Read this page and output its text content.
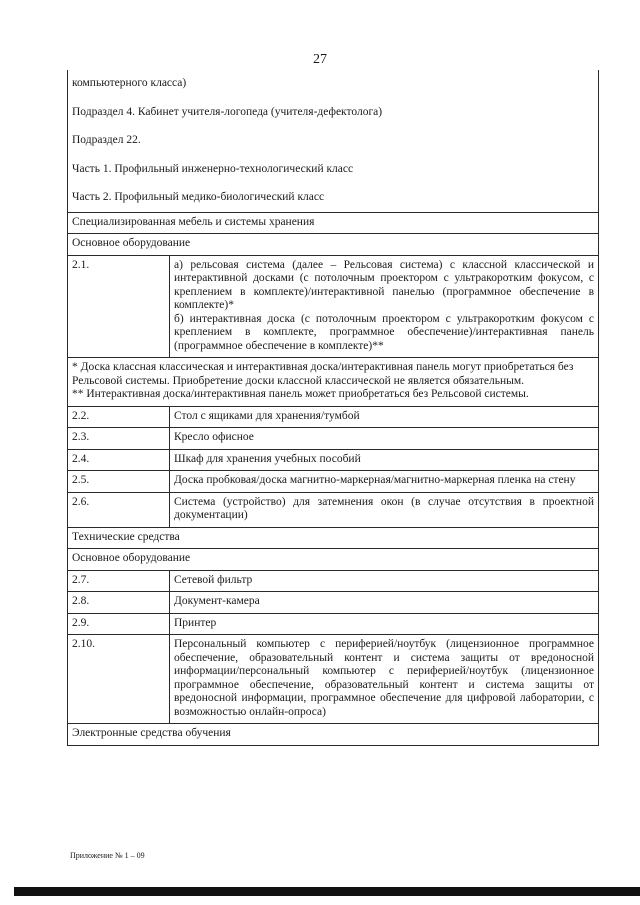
27
компьютерного класса)	
Подраздел 4. Кабинет учителя-логопеда (учителя-дефектолога)	
Подраздел 22.	
Часть 1. Профильный инженерно-технологический класс	
Часть 2. Профильный медико-биологический класс	
Специализированная мебель и системы хранения	
Основное оборудование	
2.1.	а) рельсовая система (далее – Рельсовая система) с классной классической и интерактивной досками (с потолочным проектором с ультракоротким фокусом, с креплением в комплекте)/интерактивной панелью (программное обеспечение в комплекте)*
б) интерактивная доска (с потолочным проектором с ультракоротким фокусом с креплением в комплекте, программное обеспечение)/интерактивная панель (программное обеспечение в комплекте)**

* Доска классная классическая и интерактивная доска/интерактивная панель могут приобретаться без Рельсовой системы. Приобретение доски классной классической не является обязательным.
** Интерактивная доска/интерактивная панель может приобретаться без Рельсовой системы.	

2.2.	Стол с ящиками для хранения/тумбой
2.3.	Кресло офисное
2.4.	Шкаф для хранения учебных пособий
2.5.	Доска пробковая/доска магнитно-маркерная/магнитно-маркерная пленка на стену
2.6.	Система (устройство) для затемнения окон (в случае отсутствия в проектной документации)
Технические средства	
Основное оборудование	
2.7.	Сетевой фильтр
2.8.	Документ-камера
2.9.	Принтер
2.10.	Персональный компьютер с периферией/ноутбук (лицензионное программное обеспечение, образовательный контент и система защиты от вредоносной информации/персональный компьютер с периферией/ноутбук (лицензионное программное обеспечение, образовательный контент и система защиты от вредоносной информации, программное обеспечение для цифровой лаборатории, с возможностью онлайн-опроса)
Электронные средства обучения	
Приложение № 1 – 09
